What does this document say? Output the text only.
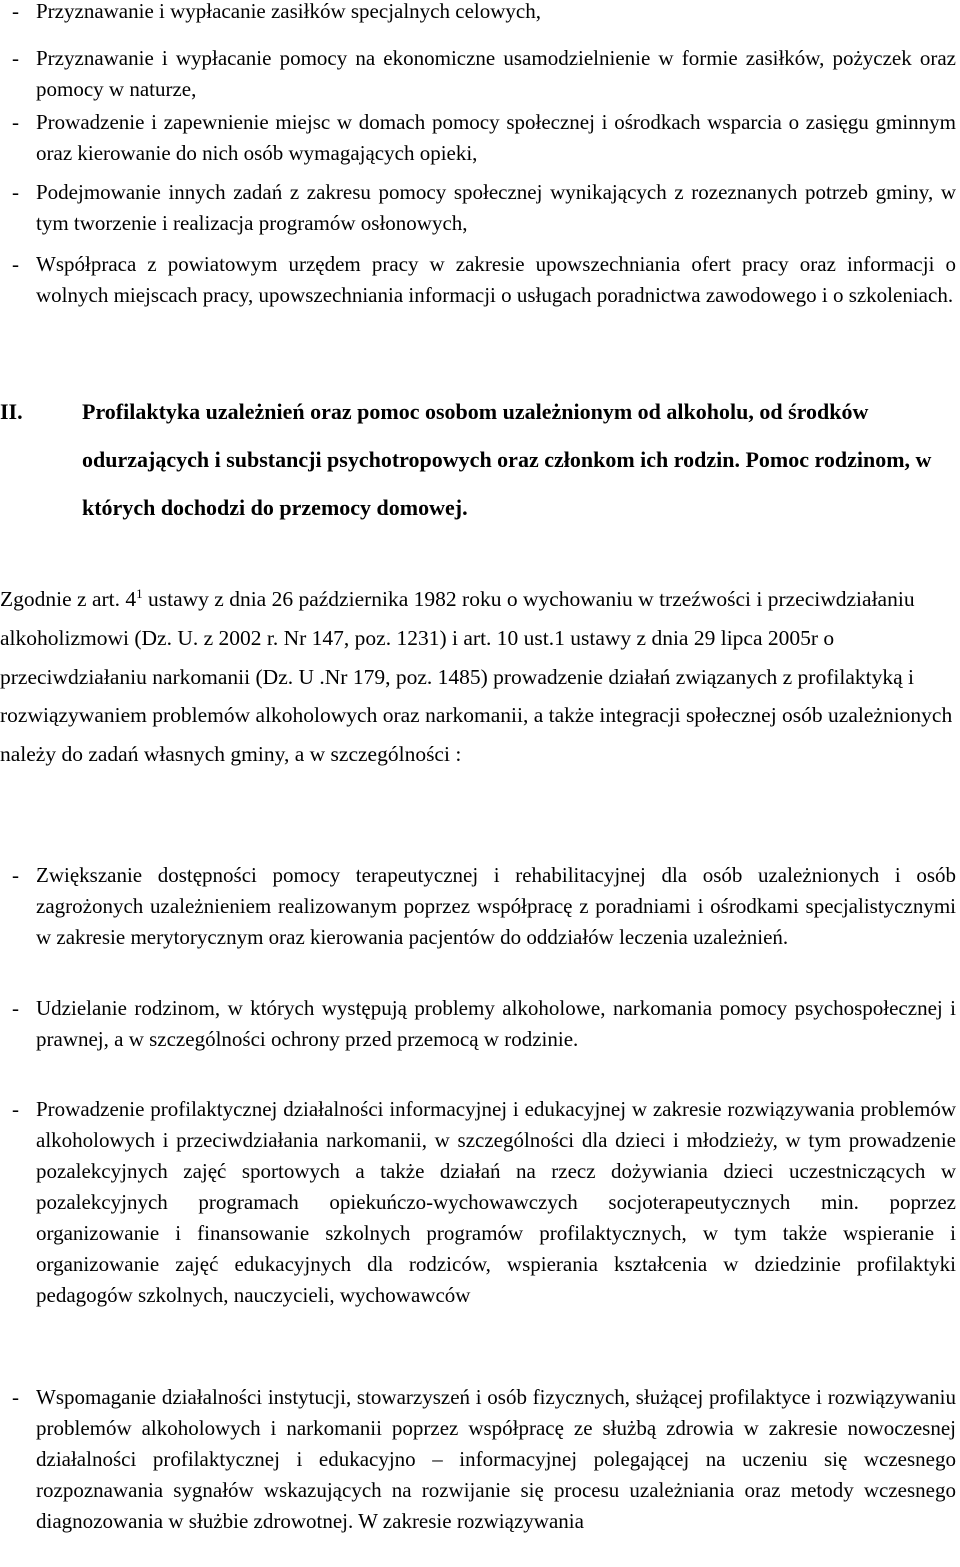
- Przyznawanie i wypłacanie zasiłków specjalnych celowych,
- Przyznawanie i wypłacanie pomocy na ekonomiczne usamodzielnienie w formie zasiłków, pożyczek oraz pomocy w naturze,
- Prowadzenie i zapewnienie miejsc w domach pomocy społecznej i ośrodkach wsparcia o zasięgu gminnym oraz kierowanie do nich osób wymagających opieki,
- Podejmowanie innych zadań z zakresu pomocy społecznej wynikających z rozeznanych potrzeb gminy, w tym tworzenie i realizacja programów osłonowych,
- Współpraca z powiatowym urzędem pracy w zakresie upowszechniania ofert pracy oraz informacji o wolnych miejscach pracy, upowszechniania informacji o usługach poradnictwa zawodowego i o szkoleniach.
II.	Profilaktyka uzależnień oraz pomoc osobom uzależnionym od alkoholu, od środków odurzających i substancji psychotropowych oraz członkom ich rodzin. Pomoc rodzinom, w których dochodzi do przemocy domowej.
Zgodnie z art. $4^1$ ustawy z dnia 26 października 1982 roku o wychowaniu w trzeźwości i przeciwdziałaniu alkoholizmowi (Dz. U. z 2002 r. Nr 147, poz. 1231) i art. 10 ust.1 ustawy z dnia 29 lipca 2005r o przeciwdziałaniu narkomanii (Dz. U .Nr 179, poz. 1485) prowadzenie działań związanych z profilaktyką i rozwiązywaniem problemów alkoholowych oraz narkomanii, a także integracji społecznej osób uzależnionych należy do zadań własnych gminy, a w szczególności :
- Zwiększanie dostępności pomocy terapeutycznej i rehabilitacyjnej dla osób uzależnionych i osób zagrożonych uzależnieniem realizowanym poprzez współpracę z poradniami i ośrodkami specjalistycznymi w zakresie merytorycznym oraz kierowania pacjentów do oddziałów leczenia uzależnień.
- Udzielanie rodzinom, w których występują problemy alkoholowe, narkomania pomocy psychospołecznej i prawnej, a w szczególności ochrony przed przemocą w rodzinie.
- Prowadzenie profilaktycznej działalności informacyjnej i edukacyjnej w zakresie rozwiązywania problemów alkoholowych i przeciwdziałania narkomanii, w szczególności dla dzieci i młodzieży, w tym prowadzenie pozalekcyjnych zajęć sportowych a także działań na rzecz dożywiania dzieci uczestniczących w pozalekcyjnych programach opiekuńczo-wychowawczych socjoterapeutycznych min. poprzez organizowanie i finansowanie szkolnych programów profilaktycznych, w tym także wspieranie i organizowanie zajęć edukacyjnych dla rodziców, wspierania kształcenia w dziedzinie profilaktyki pedagogów szkolnych, nauczycieli, wychowawców
- Wspomaganie działalności instytucji, stowarzyszeń i osób fizycznych, służącej profilaktyce i rozwiązywaniu problemów alkoholowych i narkomanii poprzez współpracę ze służbą zdrowia w zakresie nowoczesnej działalności profilaktycznej i edukacyjno – informacyjnej polegającej na uczeniu się wczesnego rozpoznawania sygnałów wskazujących na rozwijanie się procesu uzależniania oraz metody wczesnego diagnozowania w służbie zdrowotnej. W zakresie rozwiązywania
